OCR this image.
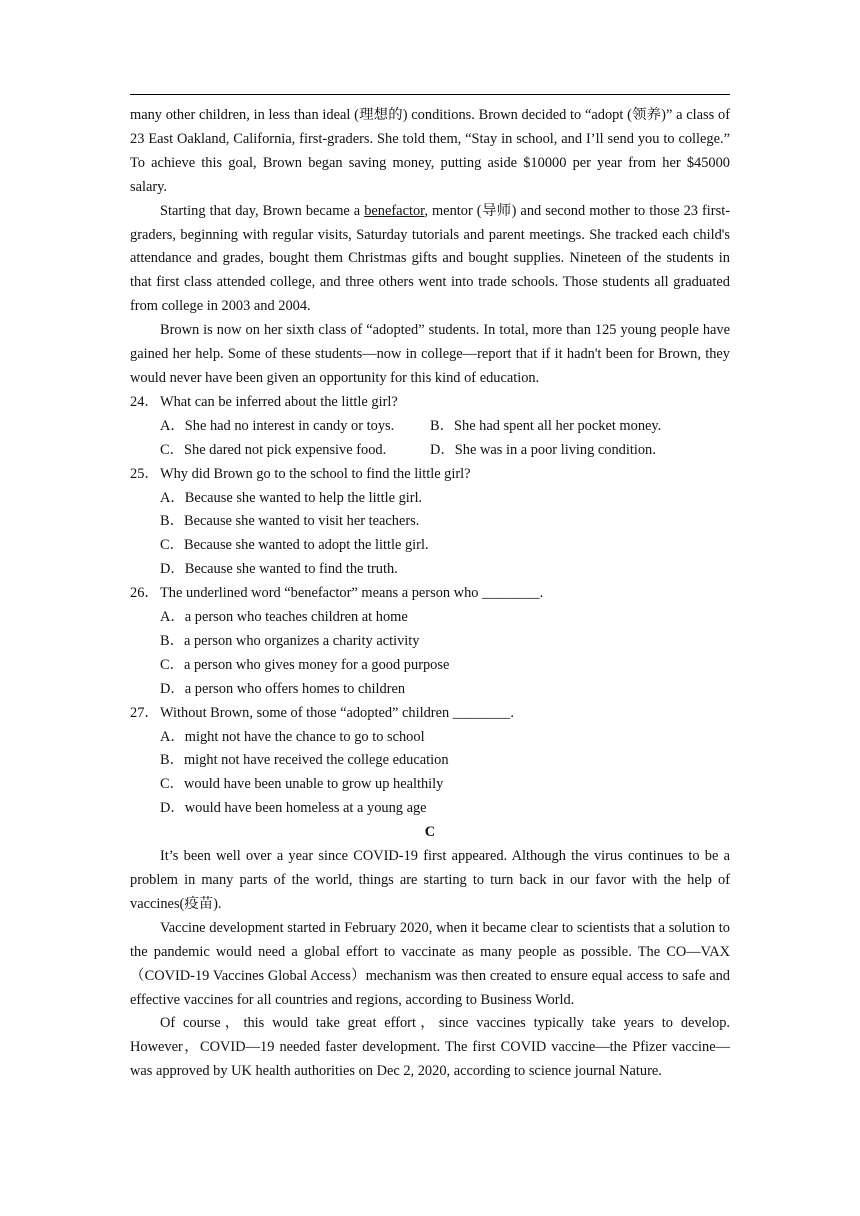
many other children, in less than ideal (理想的) conditions. Brown decided to “adopt (领养)” a class of 23 East Oakland, California, first-graders. She told them, “Stay in school, and I’ll send you to college.” To achieve this goal, Brown began saving money, putting aside $10000 per year from her $45000 salary.

Starting that day, Brown became a benefactor, mentor (导师) and second mother to those 23 first-graders, beginning with regular visits, Saturday tutorials and parent meetings. She tracked each child's attendance and grades, bought them Christmas gifts and bought supplies. Nineteen of the students in that first class attended college, and three others went into trade schools. Those students all graduated from college in 2003 and 2004.

Brown is now on her sixth class of “adopted” students. In total, more than 125 young people have gained her help. Some of these students—now in college—report that if it hadn't been for Brown, they would never have been given an opportunity for this kind of education.

24．What can be inferred about the little girl?
A．She had no interest in candy or toys.	B．She had spent all her pocket money.
C．She dared not pick expensive food.	D．She was in a poor living condition.
25．Why did Brown go to the school to find the little girl?
A．Because she wanted to help the little girl.
B．Because she wanted to visit her teachers.
C．Because she wanted to adopt the little girl.
D．Because she wanted to find the truth.
26．The underlined word “benefactor” means a person who ________.
A．a person who teaches children at home
B．a person who organizes a charity activity
C．a person who gives money for a good purpose
D．a person who offers homes to children
27．Without Brown, some of those “adopted” children ________.
A．might not have the chance to go to school
B．might not have received the college education
C．would have been unable to grow up healthily
D．would have been homeless at a young age
C

It’s been well over a year since COVID-19 first appeared. Although the virus continues to be a problem in many parts of the world, things are starting to turn back in our favor with the help of vaccines(疫苗).

Vaccine development started in February 2020, when it became clear to scientists that a solution to the pandemic would need a global effort to vaccinate as many people as possible. The CO—VAX（COVID-19 Vaccines Global Access）mechanism was then created to ensure equal access to safe and effective vaccines for all countries and regions, according to Business World.

Of course，this would take great effort，since vaccines typically take years to develop. However，COVID—19 needed faster development. The first COVID vaccine—the Pfizer vaccine—was approved by UK health authorities on Dec 2, 2020, according to science journal Nature.
